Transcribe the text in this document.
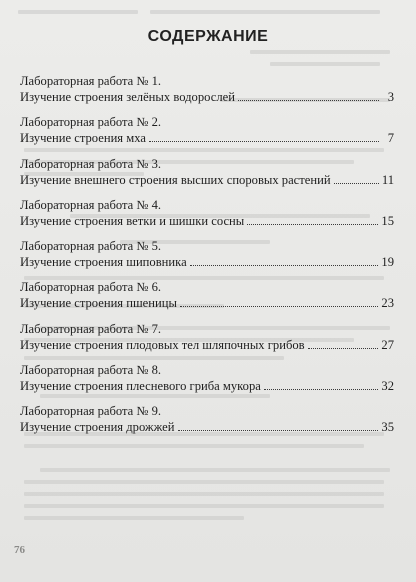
СОДЕРЖАНИЕ
Лабораторная работа № 1.
Изучение строения зелёных водорослей	3
Лабораторная работа № 2.
Изучение строения мха	7
Лабораторная работа № 3.
Изучение внешнего строения высших споровых растений	11
Лабораторная работа № 4.
Изучение строения ветки и шишки сосны	15
Лабораторная работа № 5.
Изучение строения шиповника	19
Лабораторная работа № 6.
Изучение строения пшеницы	23
Лабораторная работа № 7.
Изучение строения плодовых тел шляпочных грибов	27
Лабораторная работа № 8.
Изучение строения плесневого гриба мукора	32
Лабораторная работа № 9.
Изучение строения дрожжей	35
76
